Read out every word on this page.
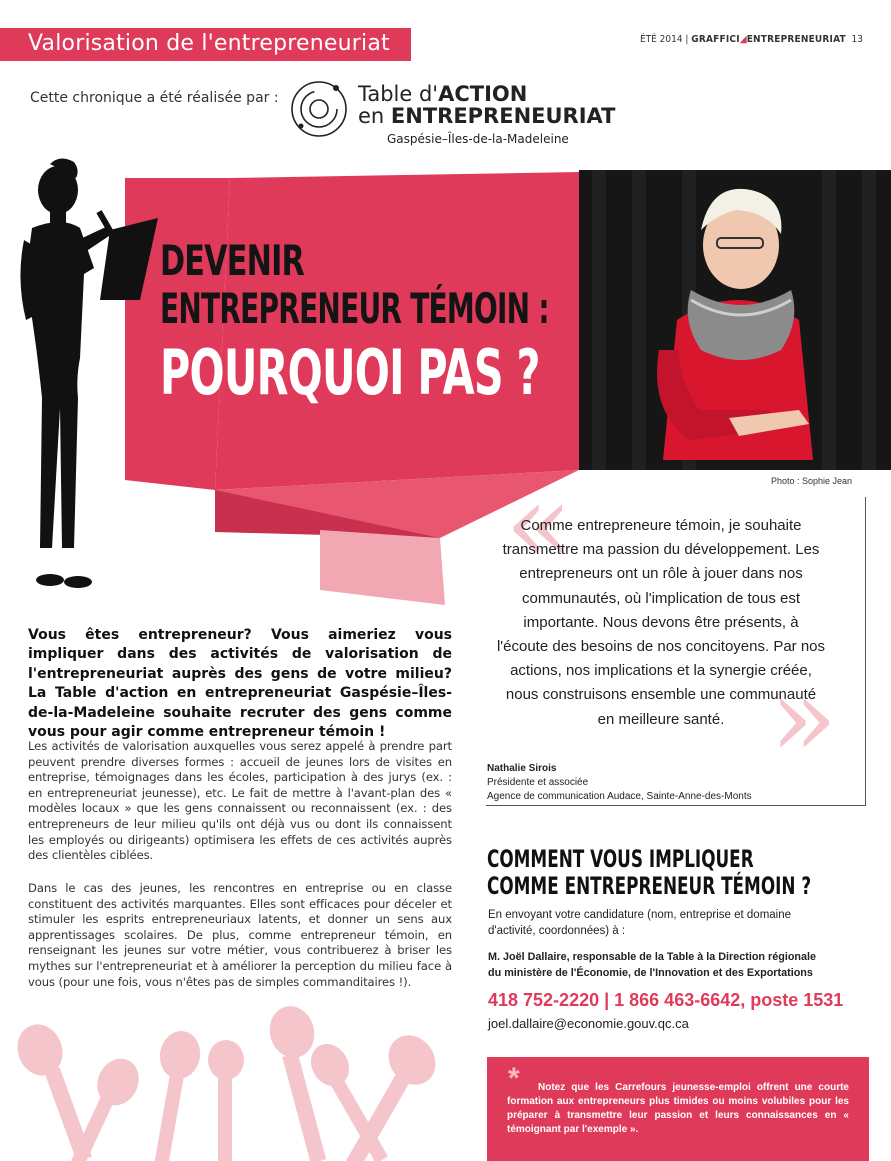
Valorisation de l'entrepreneuriat	ÉTÉ 2014 | GRAFFICI◢ENTREPRENEURIAT 13
Cette chronique a été réalisée par :	Table d'ACTION
en ENTREPRENEURIAT
Gaspésie–Îles-de-la-Madeleine
Photo : Sophie Jean
DEVENIR
ENTREPRENEUR TÉMOIN :
POURQUOI PAS ?
«
»
Comme entrepreneure témoin, je souhaite transmettre ma passion du développement. Les entrepreneurs ont un rôle à jouer dans nos communautés, où l'implication de tous est importante. Nous devons être présents, à l'écoute des besoins de nos concitoyens. Par nos actions, nos implications et la synergie créée, nous construisons ensemble une communauté en meilleure santé.
Nathalie Sirois
Présidente et associée
Agence de communication Audace, Sainte-Anne-des-Monts
Vous êtes entrepreneur? Vous aimeriez vous impliquer dans des activités de valorisation de l'entrepreneuriat auprès des gens de votre milieu? La Table d'action en entrepreneuriat Gaspésie–Îles-de-la-Madeleine souhaite recruter des gens comme vous pour agir comme entrepreneur témoin !
Les activités de valorisation auxquelles vous serez appelé à prendre part peuvent prendre diverses formes : accueil de jeunes lors de visites en entreprise, témoignages dans les écoles, participation à des jurys (ex. : en entrepreneuriat jeunesse), etc. Le fait de mettre à l'avant-plan des « modèles locaux » que les gens connaissent ou reconnaissent (ex. : des entrepreneurs de leur milieu qu'ils ont déjà vus ou dont ils connaissent les employés ou dirigeants) optimisera les effets de ces activités auprès des clientèles ciblées.
Dans le cas des jeunes, les rencontres en entreprise ou en classe constituent des activités marquantes. Elles sont efficaces pour déceler et stimuler les esprits entrepreneuriaux latents, et donner un sens aux apprentissages scolaires. De plus, comme entrepreneur témoin, en renseignant les jeunes sur votre métier, vous contribuerez à briser les mythes sur l'entrepreneuriat et à améliorer la perception du milieu face à vous (pour une fois, vous n'êtes pas de simples commanditaires !).
COMMENT VOUS IMPLIQUER
COMME ENTREPRENEUR TÉMOIN ?
En envoyant votre candidature (nom, entreprise et domaine d'activité, coordonnées) à :
M. Joël Dallaire, responsable de la Table à la Direction régionale
du ministère de l'Économie, de l'Innovation et des Exportations
418 752-2220 | 1 866 463-6642, poste 1531
joel.dallaire@economie.gouv.qc.ca
*	Notez que les Carrefours jeunesse-emploi offrent une courte formation aux entrepreneurs plus timides ou moins volubiles pour les préparer à transmettre leur passion et leurs connaissances en « témoignant par l'exemple ».
